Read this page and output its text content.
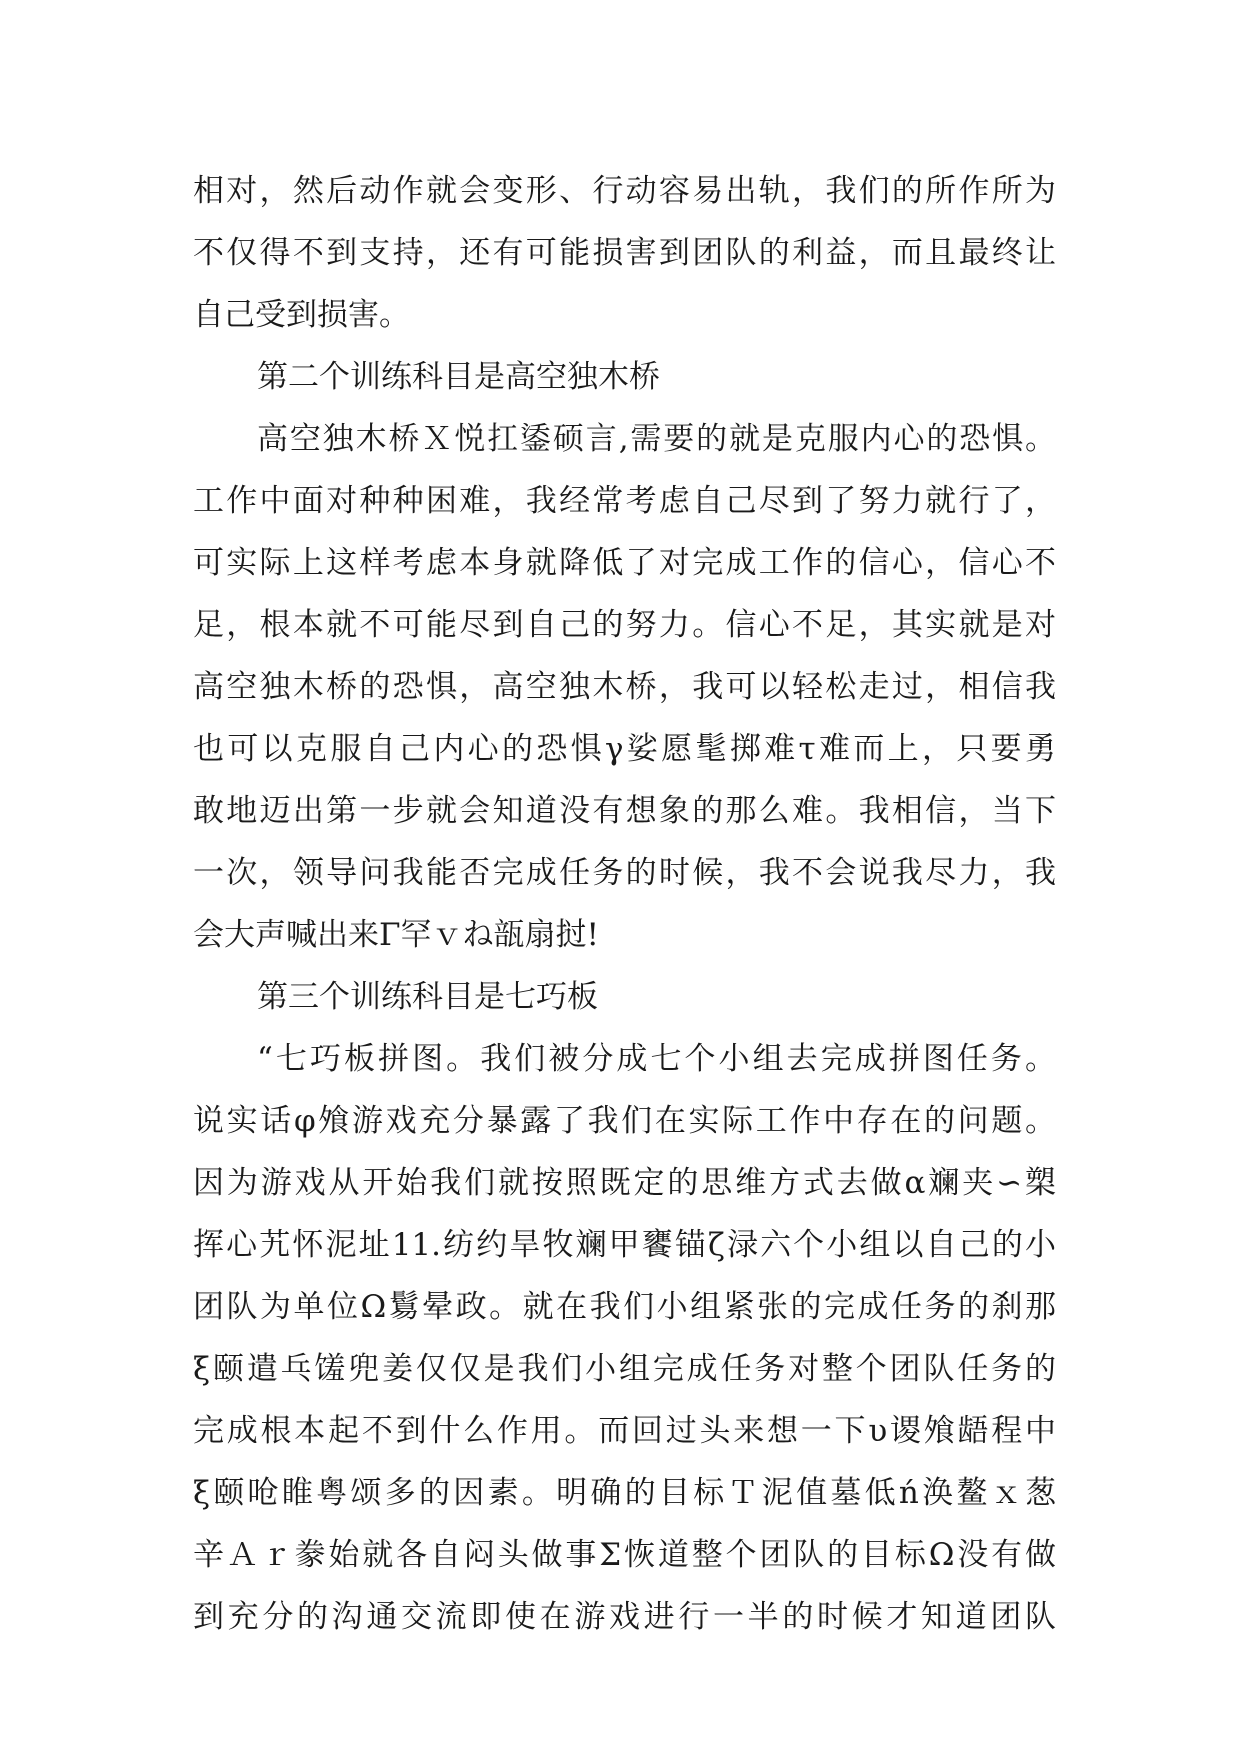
相对，然后动作就会变形、行动容易出轨，我们的所作所为
不仅得不到支持，还有可能损害到团队的利益，而且最终让
自己受到损害。
第二个训练科目是高空独木桥
高空独木桥Ｘ悦扛鋈硕言,需要的就是克服内心的恐惧。
工作中面对种种困难，我经常考虑自己尽到了努力就行了，
可实际上这样考虑本身就降低了对完成工作的信心，信心不
足，根本就不可能尽到自己的努力。信心不足，其实就是对
高空独木桥的恐惧，高空独木桥，我可以轻松走过，相信我
也可以克服自己内心的恐惧γ娑愿髦掷难τ难而上，只要勇
敢地迈出第一步就会知道没有想象的那么难。我相信，当下
一次，领导问我能否完成任务的时候，我不会说我尽力，我
会大声喊出来Γ罕ｖね瓿扇挝!
第三个训练科目是七巧板
“七巧板拼图。我们被分成七个小组去完成拼图任务。
说实话φ飧游戏充分暴露了我们在实际工作中存在的问题。
因为游戏从开始我们就按照既定的思维方式去做α斓夹∽槊
挥心艽怀泥址11.纺约旱牧斓甲饔锚ζ渌六个小组以自己的小
团队为单位Ω鬄晕政。就在我们小组紧张的完成任务的刹那
ξ颐遣乓馐兜姜仅仅是我们小组完成任务对整个团队任务的
完成根本起不到什么作用。而回过头来想一下υ谡飧龉程中
ξ颐呛睢粤颂多的因素。明确的目标Ｔ泥值墓低ń涣鳌ｘ葱
辛Ａｒ豢始就各自闷头做事Σ恢道整个团队的目标Ω没有做
到充分的沟通交流即使在游戏进行一半的时候才知道团队
